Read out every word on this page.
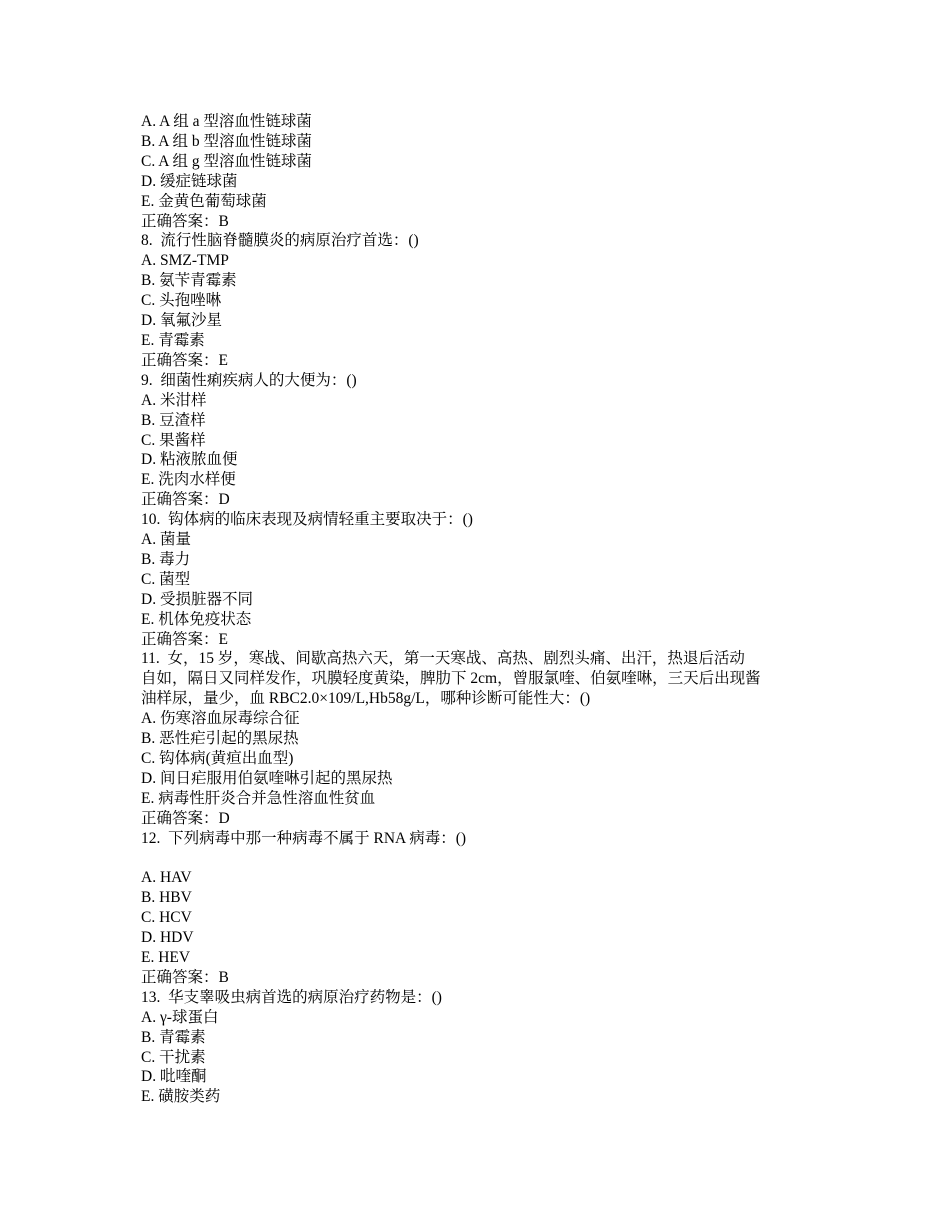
A. A 组 a 型溶血性链球菌
B. A 组 b 型溶血性链球菌
C. A 组 g 型溶血性链球菌
D. 缓症链球菌
E. 金黄色葡萄球菌
正确答案：B
8.  流行性脑脊髓膜炎的病原治疗首选：()
A. SMZ-TMP
B. 氨苄青霉素
C. 头孢唑啉
D. 氧氟沙星
E. 青霉素
正确答案：E
9.  细菌性痢疾病人的大便为：()
A. 米泔样
B. 豆渣样
C. 果酱样
D. 粘液脓血便
E. 洗肉水样便
正确答案：D
10.  钩体病的临床表现及病情轻重主要取决于：()
A. 菌量
B. 毒力
C. 菌型
D. 受损脏器不同
E. 机体免疫状态
正确答案：E
11.  女，15 岁，寒战、间歇高热六天，第一天寒战、高热、剧烈头痛、出汗，热退后活动
自如，隔日又同样发作，巩膜轻度黄染，脾肋下 2cm，曾服氯喹、伯氨喹啉，三天后出现酱
油样尿，量少，血 RBC2.0×109/L,Hb58g/L，哪种诊断可能性大：()
A. 伤寒溶血尿毒综合征
B. 恶性疟引起的黑尿热
C. 钩体病(黄疸出血型)
D. 间日疟服用伯氨喹啉引起的黑尿热
E. 病毒性肝炎合并急性溶血性贫血
正确答案：D
12.  下列病毒中那一种病毒不属于 RNA 病毒：()
A. HAV
B. HBV
C. HCV
D. HDV
E. HEV
正确答案：B
13.  华支睾吸虫病首选的病原治疗药物是：()
A. γ-球蛋白
B. 青霉素
C. 干扰素
D. 吡喹酮
E. 磺胺类药
